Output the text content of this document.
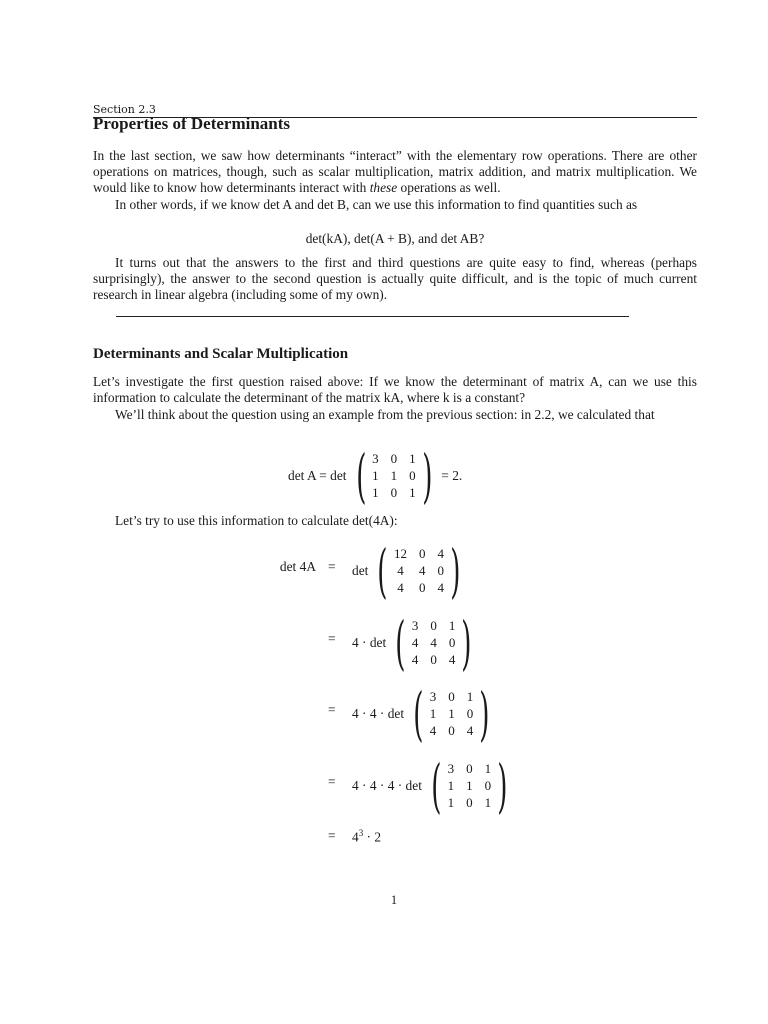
Section 2.3
Properties of Determinants
In the last section, we saw how determinants “interact” with the elementary row operations. There are other operations on matrices, though, such as scalar multiplication, matrix addition, and matrix multiplication. We would like to know how determinants interact with these operations as well.
In other words, if we know det A and det B, can we use this information to find quantities such as
det(kA), det(A + B), and det AB?
It turns out that the answers to the first and third questions are quite easy to find, whereas (perhaps surprisingly), the answer to the second question is actually quite difficult, and is the topic of much current research in linear algebra (including some of my own).
Determinants and Scalar Multiplication
Let’s investigate the first question raised above: If we know the determinant of matrix A, can we use this information to calculate the determinant of the matrix kA, where k is a constant?
We’ll think about the question using an example from the previous section: in 2.2, we calculated that
det A = det ( 3 0 1
1 1 0
1 0 1 ) = 2.
Let’s try to use this information to calculate det(4A):
det 4A = det ( 12 0 4
4 4 0
4 0 4 )
= 4 · det ( 3 0 1
4 4 0
4 0 4 )
= 4 · 4 · det ( 3 0 1
1 1 0
4 0 4 )
= 4 · 4 · 4 · det ( 3 0 1
1 1 0
1 0 1 )
= $4^3 \cdot 2$
1
